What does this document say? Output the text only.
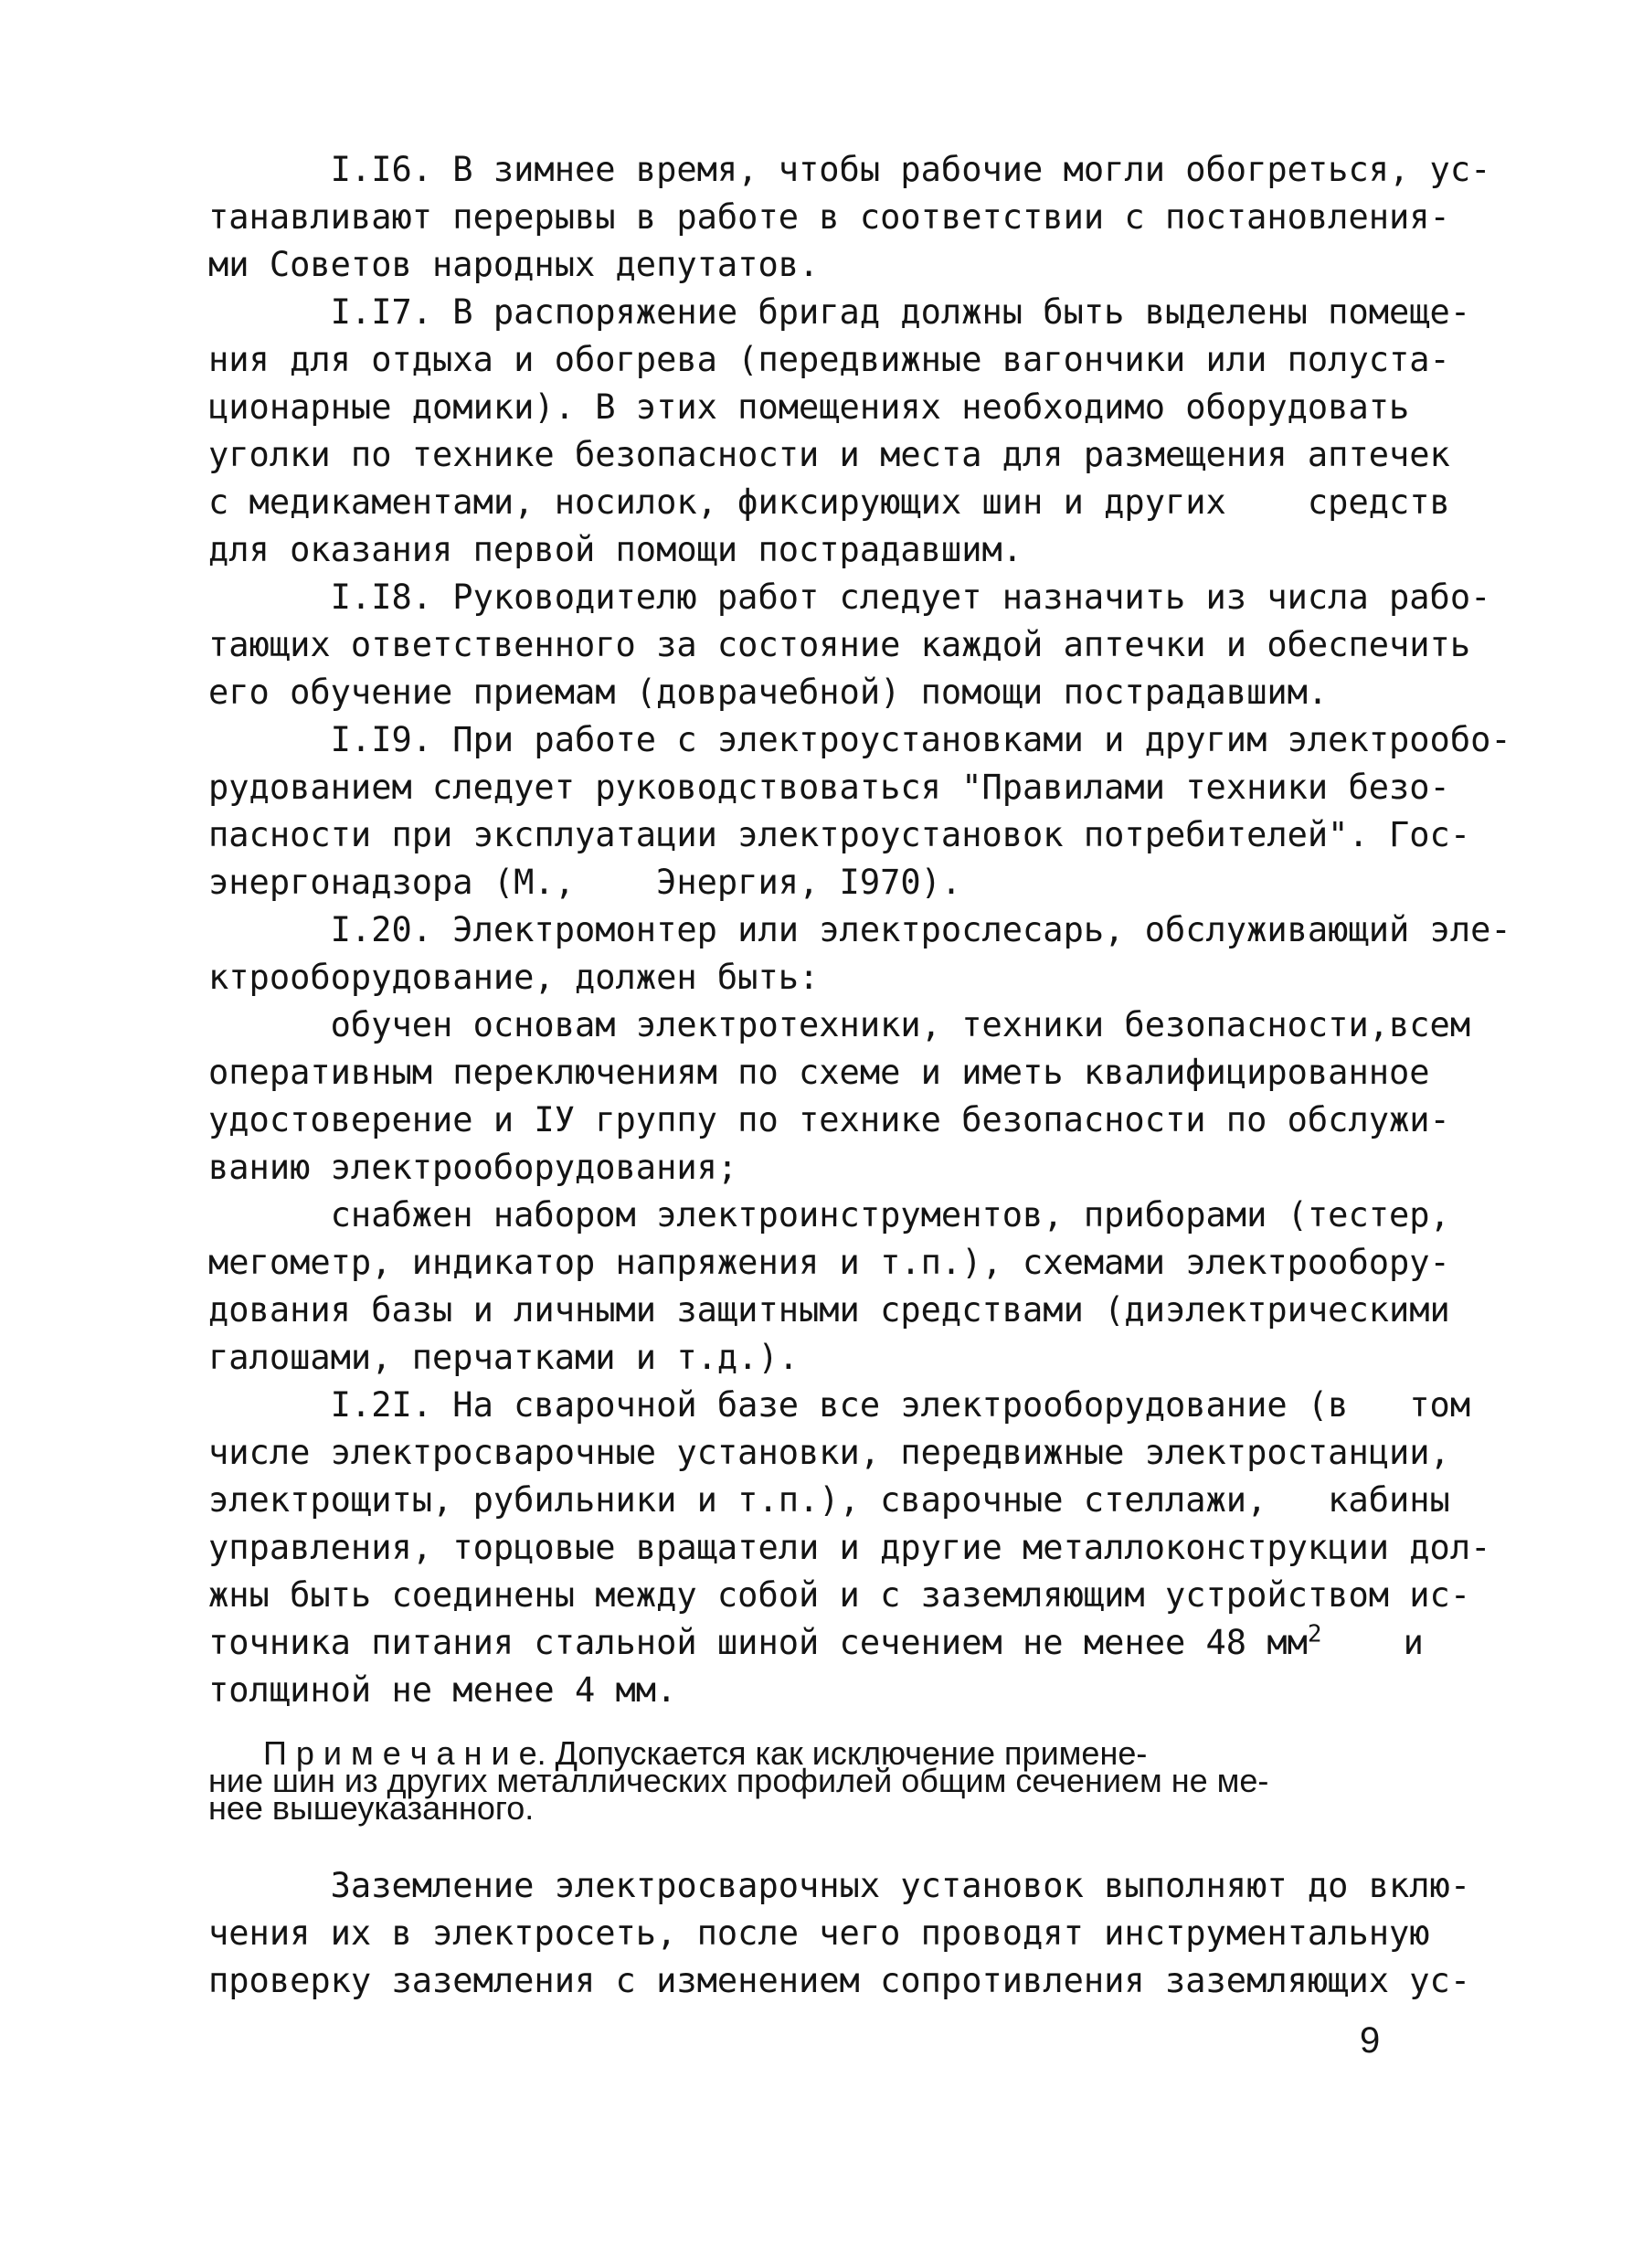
I.I6. В зимнее время, чтобы рабочие могли обогреться, ус-
танавливают перерывы в работе в соответствии с постановления-
ми Советов народных депутатов.
I.I7. В распоряжение бригад должны быть выделены помеще-
ния для отдыха и обогрева (передвижные вагончики или полуста-
ционарные домики). В этих помещениях необходимо оборудовать
уголки по технике безопасности и места для размещения аптечек
с медикаментами, носилок, фиксирующих шин и других    средств
для оказания первой помощи пострадавшим.
I.I8. Руководителю работ следует назначить из числа рабо-
тающих ответственного за состояние каждой аптечки и обеспечить
его обучение приемам (доврачебной) помощи пострадавшим.
I.I9. При работе с электроустановками и другим электрообо-
рудованием следует руководствоваться "Правилами техники безо-
пасности при эксплуатации электроустановок потребителей". Гос-
энергонадзора (М.,    Энергия, I970).
I.20. Электромонтер или электрослесарь, обслуживающий эле-
ктрооборудование, должен быть:
обучен основам электротехники, техники безопасности,всем
оперативным переключениям по схеме и иметь квалифицированное
удостоверение и IУ группу по технике безопасности по обслужи-
ванию электрооборудования;
снабжен набором электроинструментов, приборами (тестер,
мегометр, индикатор напряжения и т.п.), схемами электрообору-
дования базы и личными защитными средствами (диэлектрическими
галошами, перчатками и т.д.).
I.2I. На сварочной базе все электрооборудование (в   том
числе электросварочные установки, передвижные электростанции,
электрощиты, рубильники и т.п.), сварочные стеллажи,   кабины
управления, торцовые вращатели и другие металлоконструкции дол-
жны быть соединены между собой и с заземляющим устройством ис-
точника питания стальной шиной сечением не менее 48 $мм^2$    и
толщиной не менее 4 мм.
П р и м е ч а н и е. Допускается как исключение применe-
ние шин из других металлических профилей общим сечением не ме-
нее вышеуказанного.
Заземление электросварочных установок выполняют до вклю-
чения их в электросеть, после чего проводят инструментальную
проверку заземления с изменением сопротивления заземляющих ус-
9
